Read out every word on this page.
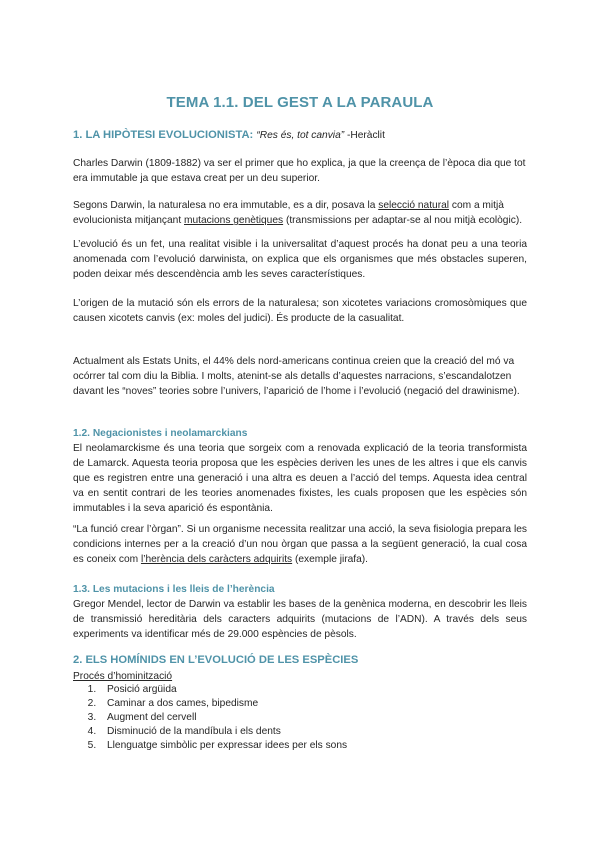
TEMA 1.1. DEL GEST A LA PARAULA
1. LA HIPÒTESI EVOLUCIONISTA: “Res és, tot canvia” -Heràclit
Charles Darwin (1809-1882) va ser el primer que ho explica, ja que la creença de l’època dia que tot era immutable ja que estava creat per un deu superior.
Segons Darwin, la naturalesa no era immutable, es a dir, posava la selecció natural com a mitjà evolucionista mitjançant mutacions genètiques (transmissions per adaptar-se al nou mitjà ecològic).
L’evolució és un fet, una realitat visible i la universalitat d’aquest procés ha donat peu a una teoria anomenada com l’evolució darwinista, on explica que els organismes que més obstacles superen, poden deixar més descendència amb les seves característiques.
L’origen de la mutació són els errors de la naturalesa; son xicotetes variacions cromosòmiques que causen xicotets canvis (ex: moles del judici). És producte de la casualitat.
Actualment als Estats Units, el 44% dels nord-americans continua creien que la creació del mó va ocórrer tal com diu la Biblia. I molts, atenint-se als detalls d’aquestes narracions, s’escandalotzen davant les “noves” teories sobre l’univers, l’aparició de l’home i l’evolució (negació del drawinisme).
1.2. Negacionistes i neolamarckians
El neolamarckisme és una teoria que sorgeix com a renovada explicació de la teoria transformista de Lamarck. Aquesta teoria proposa que les espècies deriven les unes de les altres i que els canvis que es registren entre una generació i una altra es deuen a l’acció del temps. Aquesta idea central va en sentit contrari de les teories anomenades fixistes, les cuals proposen que les espècies són immutables i la seva aparició és espontània.
“La funció crear l’òrgan”. Si un organisme necessita realitzar una acció, la seva fisiologia prepara les condicions internes per a la creació d’un nou òrgan que passa a la següent generació, la cual cosa es coneix com l’herència dels caràcters adquirits (exemple jirafa).
1.3. Les mutacions i les lleis de l’herència
Gregor Mendel, lector de Darwin va establir les bases de la genènica moderna, en descobrir les lleis de transmissió hereditària dels caracters adquirits (mutacions de l’ADN). A través dels seus experiments va identificar més de 29.000 espències de pèsols.
2. ELS HOMÍNIDS EN L’EVOLUCIÓ DE LES ESPÈCIES
Procés d’hominització
1. Posició argüida
2. Caminar a dos cames, bipedisme
3. Augment del cervell
4. Disminució de la mandíbula i els dents
5. Llenguatge simbòlic per expressar idees per els sons
